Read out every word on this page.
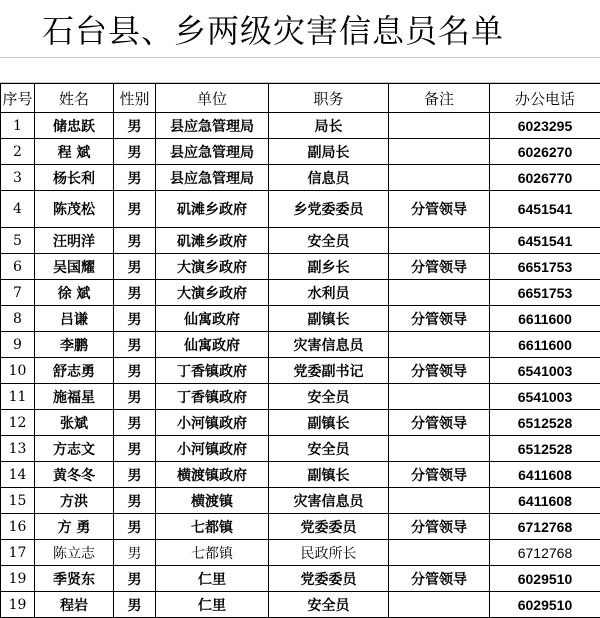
石台县、乡两级灾害信息员名单
序号	姓名	性别	单位	职务	备注	办公电话
1	储忠跃	男	县应急管理局	局长		6023295
2	程 斌	男	县应急管理局	副局长		6026270
3	杨长利	男	县应急管理局	信息员		6026770
4	陈茂松	男	矶滩乡政府	乡党委委员	分管领导	6451541
5	汪明洋	男	矶滩乡政府	安全员		6451541
6	吴国耀	男	大演乡政府	副乡长	分管领导	6651753
7	徐 斌	男	大演乡政府	水利员		6651753
8	吕谦	男	仙寓政府	副镇长	分管领导	6611600
9	李鹏	男	仙寓政府	灾害信息员		6611600
10	舒志勇	男	丁香镇政府	党委副书记	分管领导	6541003
11	施福星	男	丁香镇政府	安全员		6541003
12	张斌	男	小河镇政府	副镇长	分管领导	6512528
13	方志文	男	小河镇政府	安全员		6512528
14	黄冬冬	男	横渡镇政府	副镇长	分管领导	6411608
15	方洪	男	横渡镇	灾害信息员		6411608
16	方 勇	男	七都镇	党委委员	分管领导	6712768
17	陈立志	男	七都镇	民政所长		6712768
19	季贤东	男	仁里	党委委员	分管领导	6029510
19	程岩	男	仁里	安全员		6029510
